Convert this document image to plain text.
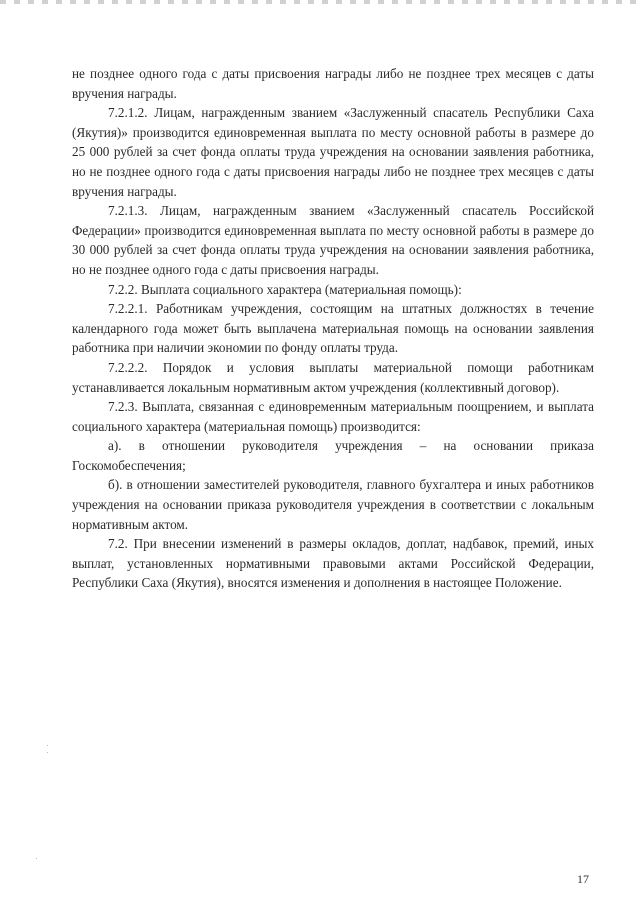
не позднее одного года с даты присвоения награды либо не позднее трех месяцев с даты вручения награды.

7.2.1.2. Лицам, награжденным званием «Заслуженный спасатель Республики Саха (Якутия)» производится единовременная выплата по месту основной работы в размере до 25 000 рублей за счет фонда оплаты труда учреждения на основании заявления работника, но не позднее одного года с даты присвоения награды либо не позднее трех месяцев с даты вручения награды.

7.2.1.3. Лицам, награжденным званием «Заслуженный спасатель Российской Федерации» производится единовременная выплата по месту основной работы в размере до 30 000 рублей за счет фонда оплаты труда учреждения на основании заявления работника, но не позднее одного года с даты присвоения награды.

7.2.2. Выплата социального характера (материальная помощь):

7.2.2.1. Работникам учреждения, состоящим на штатных должностях в течение календарного года может быть выплачена материальная помощь на основании заявления работника при наличии экономии по фонду оплаты труда.

7.2.2.2. Порядок и условия выплаты материальной помощи работникам устанавливается локальным нормативным актом учреждения (коллективный договор).

7.2.3. Выплата, связанная с единовременным материальным поощрением, и выплата социального характера (материальная помощь) производится:

а). в отношении руководителя учреждения – на основании приказа Госкомобеспечения;

б). в отношении заместителей руководителя, главного бухгалтера и иных работников учреждения на основании приказа руководителя учреждения в соответствии с локальным нормативным актом.

7.2. При внесении изменений в размеры окладов, доплат, надбавок, премий, иных выплат, установленных нормативными правовыми актами Российской Федерации, Республики Саха (Якутия), вносятся изменения и дополнения в настоящее Положение.

17
